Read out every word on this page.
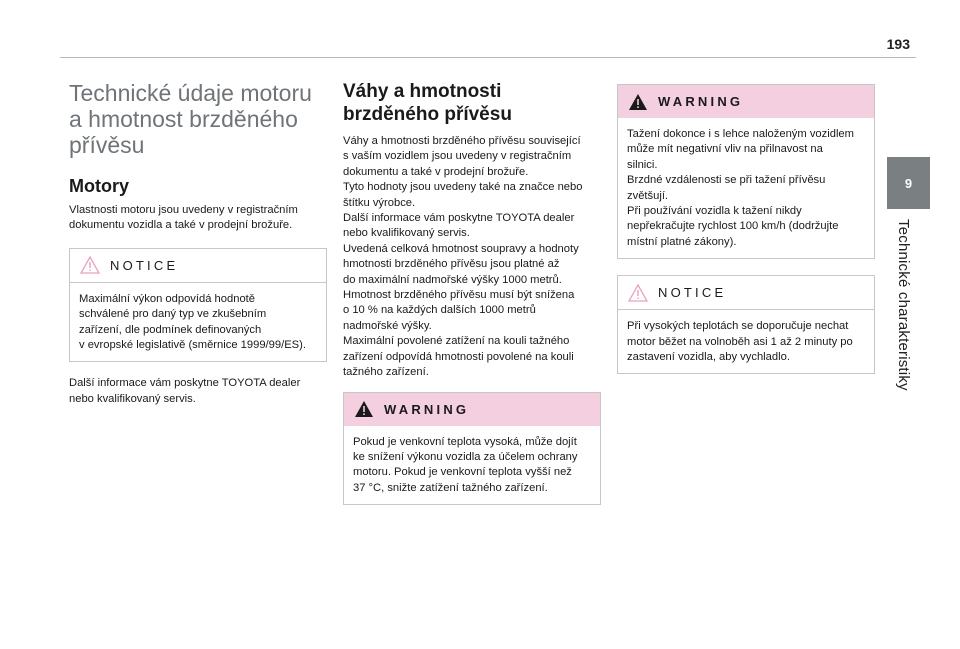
193
9
Technické charakteristiky
Technické údaje motoru
a hmotnost brzděného
přívěsu
Motory

Vlastnosti motoru jsou uvedeny v registračním
dokumentu vozidla a také v prodejní brožuře.

NOTICE

Maximální výkon odpovídá hodnotě
schválené pro daný typ ve zkušebním
zařízení, dle podmínek definovaných
v evropské legislativě (směrnice 1999/99/ES).

Další informace vám poskytne TOYOTA dealer
nebo kvalifikovaný servis.

Váhy a hmotnosti
brzděného přívěsu

Váhy a hmotnosti brzděného přívěsu související
s vaším vozidlem jsou uvedeny v registračním
dokumentu a také v prodejní brožuře.
Tyto hodnoty jsou uvedeny také na značce nebo
štítku výrobce.
Další informace vám poskytne TOYOTA dealer
nebo kvalifikovaný servis.
Uvedená celková hmotnost soupravy a hodnoty
hmotnosti brzděného přívěsu jsou platné až
do maximální nadmořské výšky 1000 metrů.
Hmotnost brzděného přívěsu musí být snížena
o 10 % na každých dalších 1000 metrů
nadmořské výšky.
Maximální povolené zatížení na kouli tažného
zařízení odpovídá hmotnosti povolené na kouli
tažného zařízení.

WARNING

Pokud je venkovní teplota vysoká, může dojít
ke snížení výkonu vozidla za účelem ochrany
motoru. Pokud je venkovní teplota vyšší než
37 °C, snižte zatížení tažného zařízení.

WARNING

Tažení dokonce i s lehce naloženým vozidlem
může mít negativní vliv na přilnavost na
silnici.
Brzdné vzdálenosti se při tažení přívěsu
zvětšují.
Při používání vozidla k tažení nikdy
nepřekračujte rychlost 100 km/h (dodržujte
místní platné zákony).

NOTICE

Při vysokých teplotách se doporučuje nechat
motor běžet na volnoběh asi 1 až 2 minuty po
zastavení vozidla, aby vychladlo.
